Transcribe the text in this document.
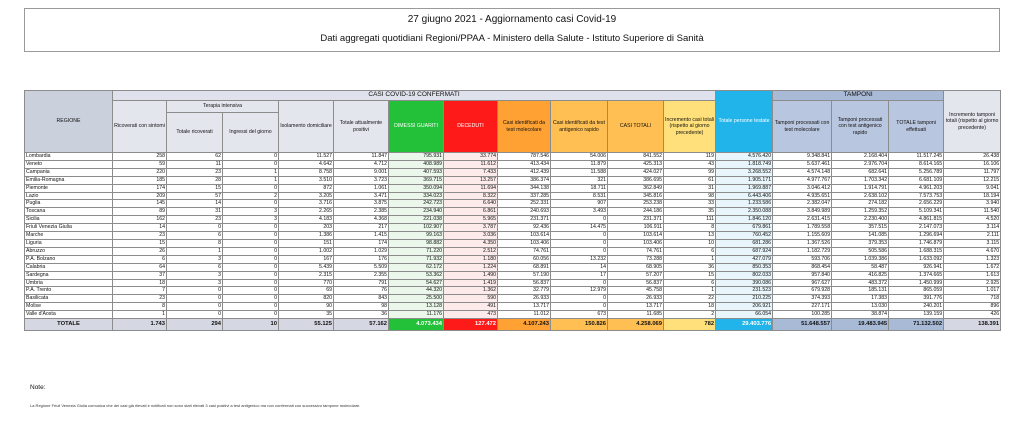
27 giugno 2021 - Aggiornamento casi Covid-19
Dati aggregati quotidiani Regioni/PPAA - Ministero della Salute - Istituto Superiore di Sanità
REGIONE	CASI COVID-19 CONFERMATI											Totale persone testate	TAMPONI			Incremento tamponi totali (rispetto al giorno precedente)
	Ricoverati con sintomi	Terapia intensiva		Isolamento domiciliare	Totale attualmente positivi	DIMESSI GUARITI	DECEDUTI	Casi identificati da test molecolare	Casi identificati da test antigenico rapido	CASI TOTALI	Incremento casi totali (rispetto al giorno precedente)		Tamponi processati con test molecolare	Tamponi processati con test antigenico rapido	TOTALE tamponi effettuati	
		Totale ricoverati	Ingressi del giorno													
Lombardia	258	62	0	11.527	11.847	795.931	33.774	787.546	54.006	841.552	119	4.576.420	9.348.841	2.168.404	11.517.245	26.438
Veneto	59	11	0	4.642	4.712	408.989	11.612	413.434	11.879	425.313	43	1.818.749	5.637.461	2.976.704	8.614.165	16.106
Campania	220	23	1	8.758	9.001	407.593	7.433	412.439	11.588	424.027	99	3.268.552	4.574.148	682.641	5.256.789	11.797
Emilia-Romagna	185	28	1	3.510	3.723	369.715	13.257	386.374	321	386.695	61	1.905.171	4.977.767	1.703.342	6.681.109	12.215
Piemonte	174	15	0	872	1.061	350.094	11.694	344.138	18.711	362.849	31	1.969.887	3.046.412	1.914.791	4.961.203	9.041
Lazio	209	57	2	3.205	3.471	334.023	8.322	337.285	8.531	345.816	98	6.443.406	4.935.651	2.638.102	7.573.753	18.194
Puglia	145	14	0	3.716	3.875	242.723	6.640	252.331	907	253.238	33	1.233.586	2.382.047	274.182	2.656.229	3.940
Toscana	89	31	3	2.265	2.385	234.940	6.861	240.693	3.493	244.186	35	2.350.088	3.849.989	1.259.352	5.109.341	11.540
Sicilia	162	23	3	4.183	4.368	221.038	5.965	231.371	0	231.371	111	1.846.120	2.631.415	2.230.400	4.861.815	4.520
Friuli Venezia Giulia	14	0	0	203	217	102.907	3.787	92.436	14.475	106.911	8	679.861	1.789.558	357.515	2.147.073	3.114
Marche	23	6	0	1.386	1.415	99.163	3.036	103.614	0	103.614	13	760.452	1.155.609	141.085	1.296.694	2.111
Liguria	15	8	0	151	174	98.882	4.350	103.406	0	103.406	10	681.286	1.367.526	379.353	1.746.879	3.115
Abruzzo	26	1	0	1.002	1.029	71.220	2.512	74.761	0	74.761	6	687.924	1.182.729	505.586	1.688.315	4.670
P.A. Bolzano	6	3	0	167	176	71.932	1.180	60.056	13.232	73.288	1	427.079	593.706	1.039.386	1.633.092	1.323
Calabria	64	6	0	5.439	5.509	62.172	1.224	68.891	14	68.905	36	850.353	868.454	58.487	926.941	1.672
Sardegna	37	3	0	2.315	2.355	53.362	1.490	57.190	17	57.207	15	802.033	957.840	416.825	1.374.665	1.613
Umbria	18	3	0	770	791	54.627	1.419	56.837	0	56.837	6	390.086	967.627	483.372	1.450.999	2.925
P.A. Trento	7	0	0	69	76	44.320	1.362	32.779	12.979	45.758	1	231.523	679.928	185.131	865.059	1.017
Basilicata	23	0	0	820	843	25.500	590	26.933	0	26.933	22	210.225	374.393	17.383	391.776	718
Molise	8	0	0	90	98	13.128	491	13.717	0	13.717	18	206.921	227.171	13.030	240.201	896
Valle d'Aosta	1	0	0	35	36	11.176	473	11.012	673	11.685	2	66.054	100.285	38.874	139.159	426
TOTALE	1.743	294	10	55.125	57.162	4.073.434	127.472	4.107.243	150.826	4.258.069	782	29.403.776	51.648.557	19.483.945	71.132.502	138.391
Note:
La Regione Friuli Venezia Giulia comunica che dei casi già rilevati e notificati non sono stati rilevati 3 casi positivi a test antigenico ma non confermati con successivo tampone molecolare.
